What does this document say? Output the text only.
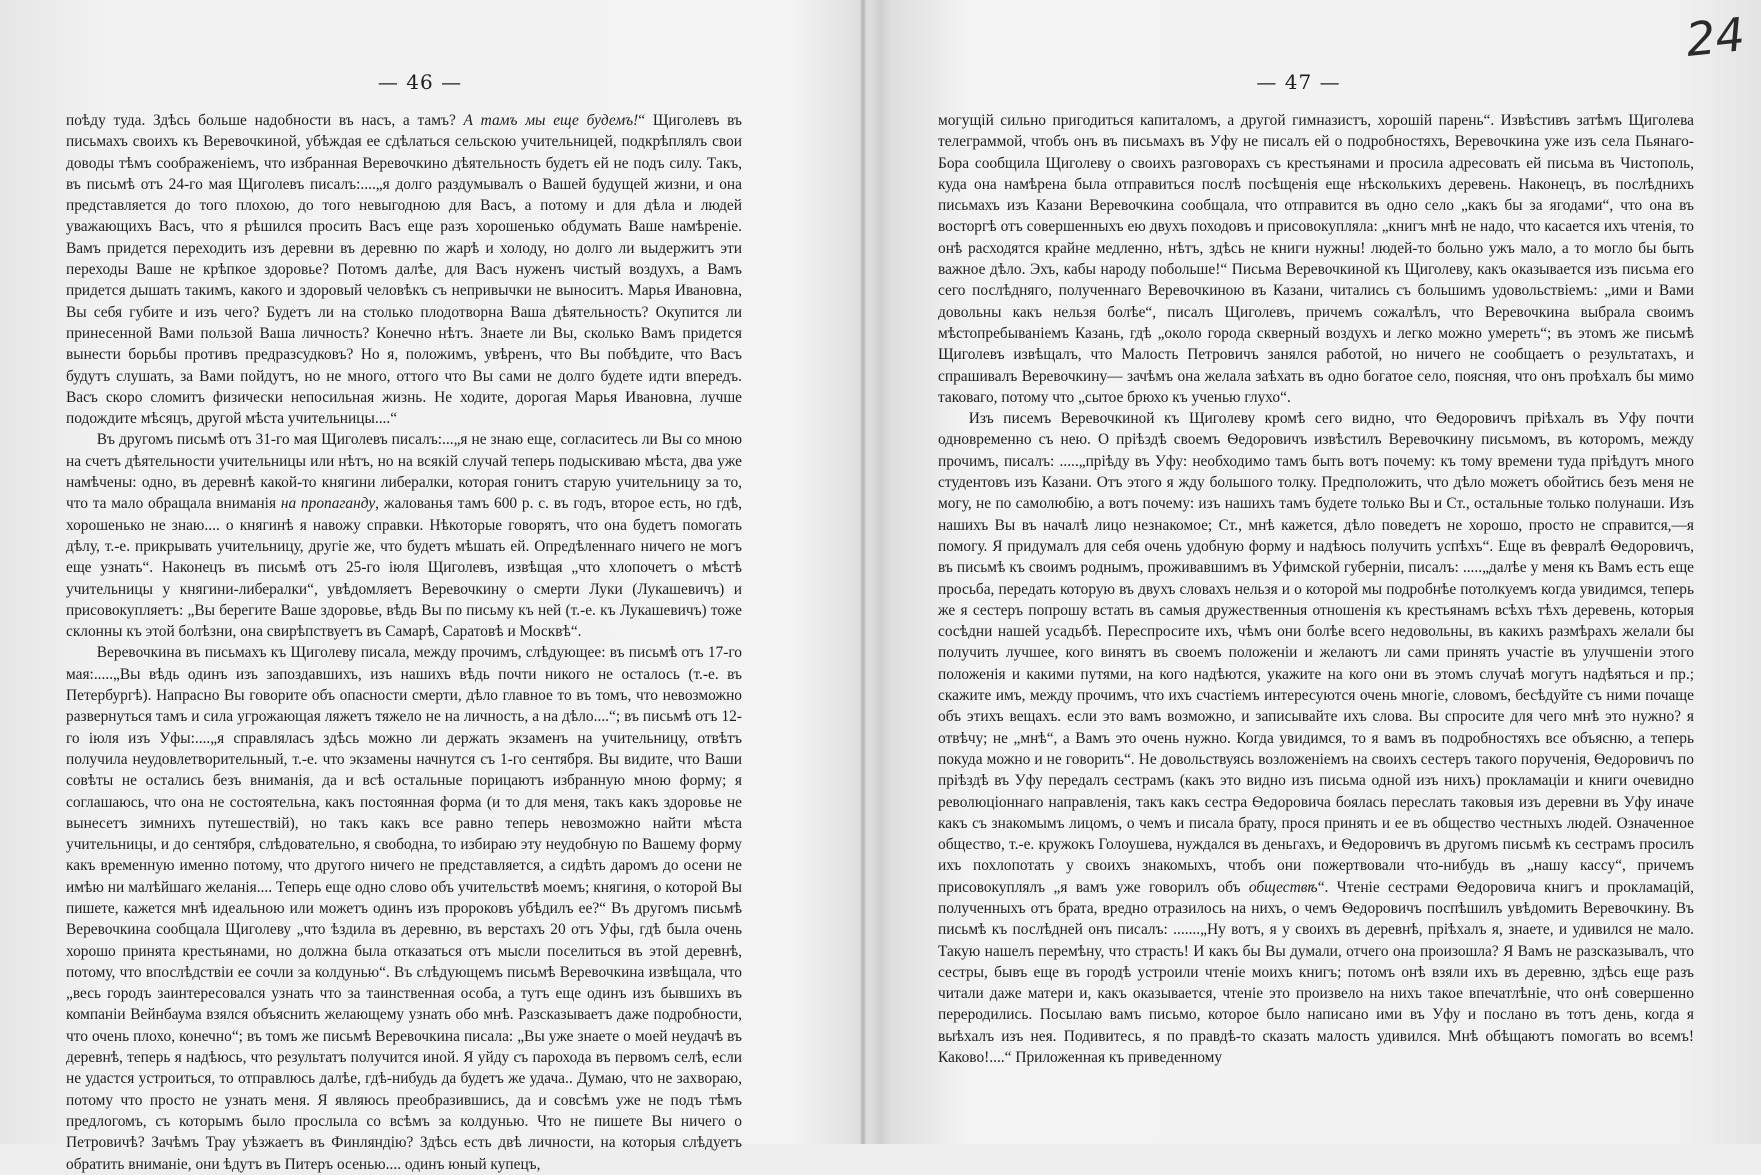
— 46 —

поѣду туда. Здѣсь больше надобности въ насъ, а тамъ? А тамъ мы еще будемъ!“ Щиголевъ въ письмахъ своихъ къ Веревочкиной, убѣждая ее сдѣлаться сельскою учительницей, подкрѣплялъ свои доводы тѣмъ соображеніемъ, что избранная Веревочкино дѣятельность будетъ ей не подъ силу. Такъ, въ письмѣ отъ 24-го мая Щиголевъ писалъ:....„я долго раздумывалъ о Вашей будущей жизни, и она представляется до того плохою, до того невыгодною для Васъ, а потому и для дѣла и людей уважающихъ Васъ, что я рѣшился просить Васъ еще разъ хорошенько обдумать Ваше намѣреніе. Вамъ придется переходить изъ деревни въ деревню по жарѣ и холоду, но долго ли выдержитъ эти переходы Ваше не крѣпкое здоровье? Потомъ далѣе, для Васъ нуженъ чистый воздухъ, а Вамъ придется дышать такимъ, какого и здоровый человѣкъ съ непривычки не выноситъ. Марья Ивановна, Вы себя губите и изъ чего? Будетъ ли на столько плодотворна Ваша дѣятельность? Окупится ли принесенной Вами пользой Ваша личность? Конечно нѣтъ. Знаете ли Вы, сколько Вамъ придется вынести борьбы противъ предразсудковъ? Но я, положимъ, увѣренъ, что Вы побѣдите, что Васъ будутъ слушать, за Вами пойдутъ, но не много, оттого что Вы сами не долго будете идти впередъ. Васъ скоро сломитъ физически непосильная жизнь. Не ходите, дорогая Марья Ивановна, лучше подождите мѣсяцъ, другой мѣста учительницы....“

Въ другомъ письмѣ отъ 31-го мая Щиголевъ писалъ:...„я не знаю еще, согласитесь ли Вы со мною на счетъ дѣятельности учительницы или нѣтъ, но на всякій случай теперь подыскиваю мѣста, два уже намѣчены: одно, въ деревнѣ какой-то княгини либералки, которая гонитъ старую учительницу за то, что та мало обращала вниманія на пропаганду, жалованья тамъ 600 р. с. въ годъ, второе есть, но гдѣ, хорошенько не знаю.... о княгинѣ я навожу справки. Нѣкоторые говорятъ, что она будетъ помогать дѣлу, т.-е. прикрывать учительницу, другіе же, что будетъ мѣшать ей. Опредѣленнаго ничего не могъ еще узнать“. Наконецъ въ письмѣ отъ 25-го іюля Щиголевъ, извѣщая „что хлопочетъ о мѣстѣ учительницы у княгини-либералки“, увѣдомляетъ Веревочкину о смерти Луки (Лукашевичъ) и присовокупляетъ: „Вы берегите Ваше здоровье, вѣдь Вы по письму къ ней (т.-е. къ Лукашевичъ) тоже склонны къ этой болѣзни, она свирѣпствуетъ въ Самарѣ, Саратовѣ и Москвѣ“.

Веревочкина въ письмахъ къ Щиголеву писала, между прочимъ, слѣдующее: въ письмѣ отъ 17-го мая:.....„Вы вѣдь одинъ изъ запоздавшихъ, изъ нашихъ вѣдь почти никого не осталось (т.-е. въ Петербургѣ). Напрасно Вы говорите объ опасности смерти, дѣло главное то въ томъ, что невозможно развернуться тамъ и сила угрожающая ляжетъ тяжело не на личность, а на дѣло....“; въ письмѣ отъ 12-го іюля изъ Уфы:....„я справляласъ здѣсь можно ли держать экзаменъ на учительницу, отвѣтъ получила неудовлетворительный, т.-е. что экзамены начнутся съ 1-го сентября. Вы видите, что Ваши совѣты не остались безъ вниманія, да и всѣ остальные порицаютъ избранную мною форму; я соглашаюсь, что она не состоятельна, какъ постоянная форма (и то для меня, такъ какъ здоровье не вынесетъ зимнихъ путешествій), но такъ какъ все равно теперь невозможно найти мѣста учительницы, и до сентября, слѣдовательно, я свободна, то избираю эту неудобную по Вашему форму какъ временную именно потому, что другого ничего не представляется, а сидѣть даромъ до осени не имѣю ни малѣйшаго желанія.... Теперь еще одно слово объ учительствѣ моемъ; княгиня, о которой Вы пишете, кажется мнѣ идеальною или можетъ одинъ изъ пророковъ убѣдилъ ее?“ Въ другомъ письмѣ Веревочкина сообщала Щиголеву „что ѣздила въ деревню, въ верстахъ 20 отъ Уфы, гдѣ была очень хорошо принята крестьянами, но должна была отказаться отъ мысли поселиться въ этой деревнѣ, потому, что впослѣдствіи ее сочли за колдунью“. Въ слѣдующемъ письмѣ Веревочкина извѣщала, что „весь городъ заинтересовался узнать что за таинственная особа, а тутъ еще одинъ изъ бывшихъ въ компаніи Вейнбаума взялся объяснить желающему узнать обо мнѣ. Разсказываетъ даже подробности, что очень плохо, конечно“; въ томъ же письмѣ Веревочкина писала: „Вы уже знаете о моей неудачѣ въ деревнѣ, теперь я надѣюсь, что результатъ получится иной. Я уйду съ парохода въ первомъ селѣ, если не удастся устроиться, то отправлюсь далѣе, гдѣ-нибудь да будетъ же удача.. Думаю, что не захвораю, потому что просто не узнать меня. Я являюсь преобразившись, да и совсѣмъ уже не подъ тѣмъ предлогомъ, съ которымъ было прослыла со всѣмъ за колдунью. Что не пишете Вы ничего о Петровичѣ? Зачѣмъ Трау уѣзжаетъ въ Финляндію? Здѣсь есть двѣ личности, на которыя слѣдуетъ обратить вниманіе, они ѣдутъ въ Питеръ осенью.... одинъ юный купецъ,

24
— 47 —

могущій сильно пригодиться капиталомъ, а другой гимназистъ, хорошій парень“. Извѣстивъ затѣмъ Щиголева телеграммой, чтобъ онъ въ письмахъ въ Уфу не писалъ ей о подробностяхъ, Веревочкина уже изъ села Пьянаго-Бора сообщила Щиголеву о своихъ разговорахъ съ крестьянами и просила адресовать ей письма въ Чистополь, куда она намѣрена была отправиться послѣ посѣщенія еще нѣсколькихъ деревень. Наконецъ, въ послѣднихъ письмахъ изъ Казани Веревочкина сообщала, что отправится въ одно село „какъ бы за ягодами“, что она въ восторгѣ отъ совершенныхъ ею двухъ походовъ и присовокупляла: „книгъ мнѣ не надо, что касается ихъ чтенія, то онѣ расходятся крайне медленно, нѣтъ, здѣсь не книги нужны! людей-то больно ужъ мало, а то могло бы быть важное дѣло. Эхъ, кабы народу побольше!“ Письма Веревочкиной къ Щиголеву, какъ оказывается изъ письма его сего послѣдняго, полученнаго Веревочкиною въ Казани, читались съ большимъ удовольствіемъ: „ими и Вами довольны какъ нельзя болѣе“, писалъ Щиголевъ, причемъ сожалѣлъ, что Веревочкина выбрала своимъ мѣстопребываніемъ Казань, гдѣ „около города скверный воздухъ и легко можно умереть“; въ этомъ же письмѣ Щиголевъ извѣщалъ, что Малость Петровичъ занялся работой, но ничего не сообщаетъ о результатахъ, и спрашивалъ Веревочкину— зачѣмъ она желала заѣхать въ одно богатое село, поясняя, что онъ проѣхалъ бы мимо таковаго, потому что „сытое брюхо къ ученью глухо“.

Изъ писемъ Веревочкиной къ Щиголеву кромѣ сего видно, что Ѳедоровичъ пріѣхалъ въ Уфу почти одновременно съ нею. О пріѣздѣ своемъ Ѳедоровичъ извѣстилъ Веревочкину письмомъ, въ которомъ, между прочимъ, писалъ: .....„пріѣду въ Уфу: необходимо тамъ быть вотъ почему: къ тому времени туда пріѣдутъ много студентовъ изъ Казани. Отъ этого я жду большого толку. Предположить, что дѣло можетъ обойтись безъ меня не могу, не по самолюбію, а вотъ почему: изъ нашихъ тамъ будете только Вы и Ст., остальные только полунаши. Изъ нашихъ Вы въ началѣ лицо незнакомое; Ст., мнѣ кажется, дѣло поведетъ не хорошо, просто не справится,—я помогу. Я придумалъ для себя очень удобную форму и надѣюсь получить успѣхъ“. Еще въ февралѣ Ѳедоровичъ, въ письмѣ къ своимъ роднымъ, проживавшимъ въ Уфимской губерніи, писалъ: .....„далѣе у меня къ Вамъ есть еще просьба, передать которую въ двухъ словахъ нельзя и о которой мы подробнѣе потолкуемъ когда увидимся, теперь же я сестеръ попрошу встать въ самыя дружественныя отношенія къ крестьянамъ всѣхъ тѣхъ деревень, которыя сосѣдни нашей усадьбѣ. Переспросите ихъ, чѣмъ они болѣе всего недовольны, въ какихъ размѣрахъ желали бы получить лучшее, кого винятъ въ своемъ положеніи и желаютъ ли сами принять участіе въ улучшеніи этого положенія и какими путями, на кого надѣются, укажите на кого они въ этомъ случаѣ могутъ надѣяться и пр.; скажите имъ, между прочимъ, что ихъ счастіемъ интересуются очень многіе, словомъ, бесѣдуйте съ ними почаще объ этихъ вещахъ. если это вамъ возможно, и записывайте ихъ слова. Вы спросите для чего мнѣ это нужно? я отвѣчу; не „мнѣ“, а Вамъ это очень нужно. Когда увидимся, то я вамъ въ подробностяхъ все объясню, а теперь покуда можно и не говорить“. Не довольствуясь возложеніемъ на своихъ сестеръ такого порученія, Ѳедоровичъ по пріѣздѣ въ Уфу передалъ сестрамъ (какъ это видно изъ письма одной изъ нихъ) прокламаціи и книги очевидно революціоннаго направленія, такъ какъ сестра Ѳедоровича боялась переслать таковыя изъ деревни въ Уфу иначе какъ съ знакомымъ лицомъ, о чемъ и писала брату, прося принять и ее въ общество честныхъ людей. Означенное общество, т.-е. кружокъ Голоушева, нуждался въ деньгахъ, и Ѳедоровичъ въ другомъ письмѣ къ сестрамъ просилъ ихъ похлопотать у своихъ знакомыхъ, чтобъ они пожертвовали что-нибудь въ „нашу кассу“, причемъ присовокуплялъ „я вамъ уже говорилъ объ обществѣ“. Чтеніе сестрами Ѳедоровича книгъ и прокламацій, полученныхъ отъ брата, вредно отразилось на нихъ, о чемъ Ѳедоровичъ поспѣшилъ увѣдомить Веревочкину. Въ письмѣ къ послѣдней онъ писалъ: .......„Ну вотъ, я у своихъ въ деревнѣ, пріѣхалъ я, знаете, и удивился не мало. Такую нашелъ перемѣну, что страсть! И какъ бы Вы думали, отчего она произошла? Я Вамъ не разсказывалъ, что сестры, бывъ еще въ городѣ устроили чтеніе моихъ книгъ; потомъ онѣ взяли ихъ въ деревню, здѣсь еще разъ читали даже матери и, какъ оказывается, чтеніе это произвело на нихъ такое впечатлѣніе, что онѣ совершенно переродились. Посылаю вамъ письмо, которое было написано ими въ Уфу и послано въ тотъ день, когда я выѣхалъ изъ нея. Подивитесь, я по правдѣ-то сказать малость удивился. Мнѣ обѣщаютъ помогать во всемъ! Каково!....“ Приложенная къ приведенному
